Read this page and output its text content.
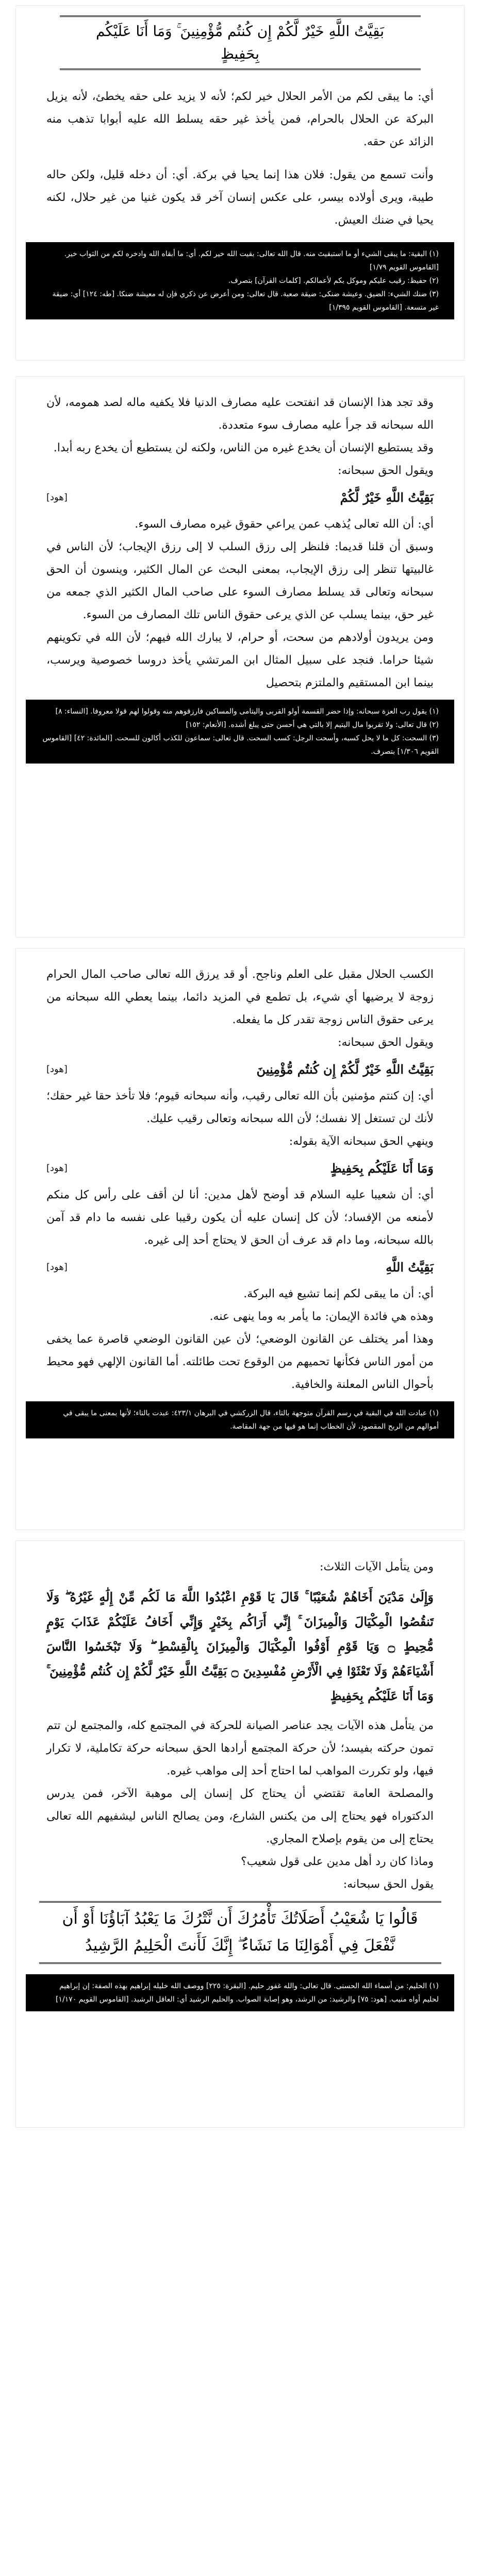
بَقِيَّتُ اللَّهِ خَيْرٌ لَّكُمْ إِن كُنتُم مُّؤْمِنِينَ ۚ وَمَا أَنَا عَلَيْكُم بِحَفِيظٍ

أي: ما يبقى لكم من الأمر الحلال خير لكم؛ لأنه لا يزيد على حقه يخطئ، لأنه يزيل البركة عن الحلال بالحرام، فمن يأخذ غير حقه يسلط الله عليه أبوابا تذهب منه الزائد عن حقه.

وأنت تسمع من يقول: فلان هذا إنما يحيا في بركة. أي: أن دخله قليل، ولكن حاله طيبة، ويرى أولاده بيسر، على عكس إنسان آخر قد يكون غنيا من غير حلال، لكنه يحيا في ضنك العيش.

(١) البقية: ما يبقى الشيء أو ما استبقيتَ منه. قال الله تعالى: بقيت الله خير لكم. أي: ما أبقاه الله وادخره لكم من الثواب خير. [القاموس القويم ١/٧٩]

(٢) حفيظ: رقيب عليكم وموكل بكم لأعمالكم. [كلمات القرآن] بتصرف.

(٣) ضنك الشيء: الضيق. وعيشة ضنكى: ضيقة صعبة. قال تعالى: ومن أعرض عن ذكري فإن له معيشة ضنكا. [طه: ١٢٤] أي: ضيقة غير متسعة. [القاموس القويم ١/٣٩٥]

وقد تجد هذا الإنسان قد انفتحت عليه مصارف الدنيا فلا يكفيه ماله لصد همومه، لأن الله سبحانه قد جرأ عليه مصارف سوء متعددة.

وقد يستطيع الإنسان أن يخدع غيره من الناس، ولكنه لن يستطيع أن يخدع ربه أبدا.

ويقول الحق سبحانه:

بَقِيَّتُ اللَّهِ خَيْرٌ لَّكُمْ
[هود]

أي: أن الله تعالى يُذهب عمن يراعي حقوق غيره مصارف السوء.

وسبق أن قلنا قديما: فلنظر إلى رزق السلب لا إلى رزق الإيجاب؛ لأن الناس في غالبيتها تنظر إلى رزق الإيجاب، بمعنى البحث عن المال الكثير، وينسون أن الحق سبحانه وتعالى قد يسلط مصارف السوء على صاحب المال الكثير الذي جمعه من غير حق، بينما يسلب عن الذي يرعى حقوق الناس تلك المصارف من السوء.

ومن يريدون أولادهم من سحت، أو حرام، لا يبارك الله فيهم؛ لأن الله في تكوينهم شيئا حراما. فنجد على سبيل المثال ابن المرتشي يأخذ دروسا خصوصية ويرسب، بينما ابن المستقيم والملتزم بتحصيل

(١) يقول رب العزة سبحانه: وإذا حضر القسمة أولو القربى واليتامى والمساكين فارزقوهم منه وقولوا لهم قولا معروفا. [النساء: ٨]

(٢) قال تعالى: ولا تقربوا مال اليتيم إلا بالتي هي أحسن حتى يبلغ أشده. [الأنعام: ١٥٢]

(٣) السحت: كل ما لا يحل كسبه، وأسحت الرجل: كسب السحت. قال تعالى: سماعون للكذب أكالون للسحت. [المائدة: ٤٢] [القاموس القويم ١/٣٠٦] بتصرف.

الكسب الحلال مقبل على العلم وناجح. أو قد يرزق الله تعالى صاحب المال الحرام زوجة لا يرضيها أي شيء، بل تطمع في المزيد دائما، بينما يعطي الله سبحانه من يرعى حقوق الناس زوجة تقدر كل ما يفعله.

ويقول الحق سبحانه:

بَقِيَّتُ اللَّهِ خَيْرٌ لَّكُمْ إِن كُنتُم مُّؤْمِنِينَ
[هود]

أي: إن كنتم مؤمنين بأن الله تعالى رقيب، وأنه سبحانه قيوم؛ فلا تأخذ حقا غير حقك؛ لأنك لن تستغل إلا نفسك؛ لأن الله سبحانه وتعالى رقيب عليك.

وينهي الحق سبحانه الآية بقوله:

وَمَا أَنَا عَلَيْكُم بِحَفِيظٍ
[هود]

أي: أن شعيبا عليه السلام قد أوضح لأهل مدين: أنا لن أقف على رأس كل منكم لأمنعه من الإفساد؛ لأن كل إنسان عليه أن يكون رقيبا على نفسه ما دام قد آمن بالله سبحانه، وما دام قد عرف أن الحق لا يحتاج أحد إلى غيره.

بَقِيَّتُ اللَّهِ
[هود]

أي: أن ما يبقى لكم إنما تشيع فيه البركة.

وهذه هي فائدة الإيمان: ما يأمر به وما ينهى عنه.

وهذا أمر يختلف عن القانون الوضعي؛ لأن عين القانون الوضعي قاصرة عما يخفى من أمور الناس فكأنها تحميهم من الوقوع تحت طائلته. أما القانون الإلهي فهو محيط بأحوال الناس المعلنة والخافية.

(١) عبادت الله في البقية في رسم القرآن متوجهة بالتاء، قال الزركشي في البرهان ٤٢٣/١: عبدت بالتاء؛ لأنها بمعنى ما يبقى في أموالهم من الربح المقصود، لأن الخطاب إنما هو فيها من جهة المقاصة.

ومن يتأمل الآيات الثلاث:

وَإِلَىٰ مَدْيَنَ أَخَاهُمْ شُعَيْبًا ۚ قَالَ يَا قَوْمِ اعْبُدُوا اللَّهَ مَا لَكُم مِّنْ إِلَٰهٍ غَيْرُهُ ۖ وَلَا تَنقُصُوا الْمِكْيَالَ وَالْمِيزَانَ ۚ إِنِّي أَرَاكُم بِخَيْرٍ وَإِنِّي أَخَافُ عَلَيْكُمْ عَذَابَ يَوْمٍ مُّحِيطٍ ۝ وَيَا قَوْمِ أَوْفُوا الْمِكْيَالَ وَالْمِيزَانَ بِالْقِسْطِ ۖ وَلَا تَبْخَسُوا النَّاسَ أَشْيَاءَهُمْ وَلَا تَعْثَوْا فِي الْأَرْضِ مُفْسِدِينَ ۝ بَقِيَّتُ اللَّهِ خَيْرٌ لَّكُمْ إِن كُنتُم مُّؤْمِنِينَ ۚ وَمَا أَنَا عَلَيْكُم بِحَفِيظٍ

من يتأمل هذه الآيات يجد عناصر الصيانة للحركة في المجتمع كله، والمجتمع لن تتم تمون حركته بفيسد؛ لأن حركة المجتمع أرادها الحق سبحانه حركة تكاملية، لا تكرار فيها، ولو تكررت المواهب لما احتاج أحد إلى مواهب غيره.

والمصلحة العامة تقتضي أن يحتاج كل إنسان إلى موهبة الآخر، فمن يدرس الدكتوراه فهو يحتاج إلى من يكنس الشارع، ومن يصالح الناس ليشفيهم الله تعالى يحتاج إلى من يقوم بإصلاح المجاري.

وماذا كان رد أهل مدين على قول شعيب؟

يقول الحق سبحانه:

قَالُوا يَا شُعَيْبُ أَصَلَاتُكَ تَأْمُرُكَ أَن نَّتْرُكَ مَا يَعْبُدُ آبَاؤُنَا أَوْ أَن نَّفْعَلَ فِي أَمْوَالِنَا مَا نَشَاءُ ۖ إِنَّكَ لَأَنتَ الْحَلِيمُ الرَّشِيدُ

(١) الحليم: من أسماء الله الحسنى. قال تعالى: والله غفور حليم. [البقرة: ٢٢٥] ووصف الله خليله إبراهيم بهذه الصفة: إن إبراهيم لحليم أواه منيب. [هود: ٧٥] والرشيد: من الرشد، وهو إصابة الصواب. والحليم الرشيد أي: العاقل الرشيد. [القاموس القويم ١/١٧٠]
